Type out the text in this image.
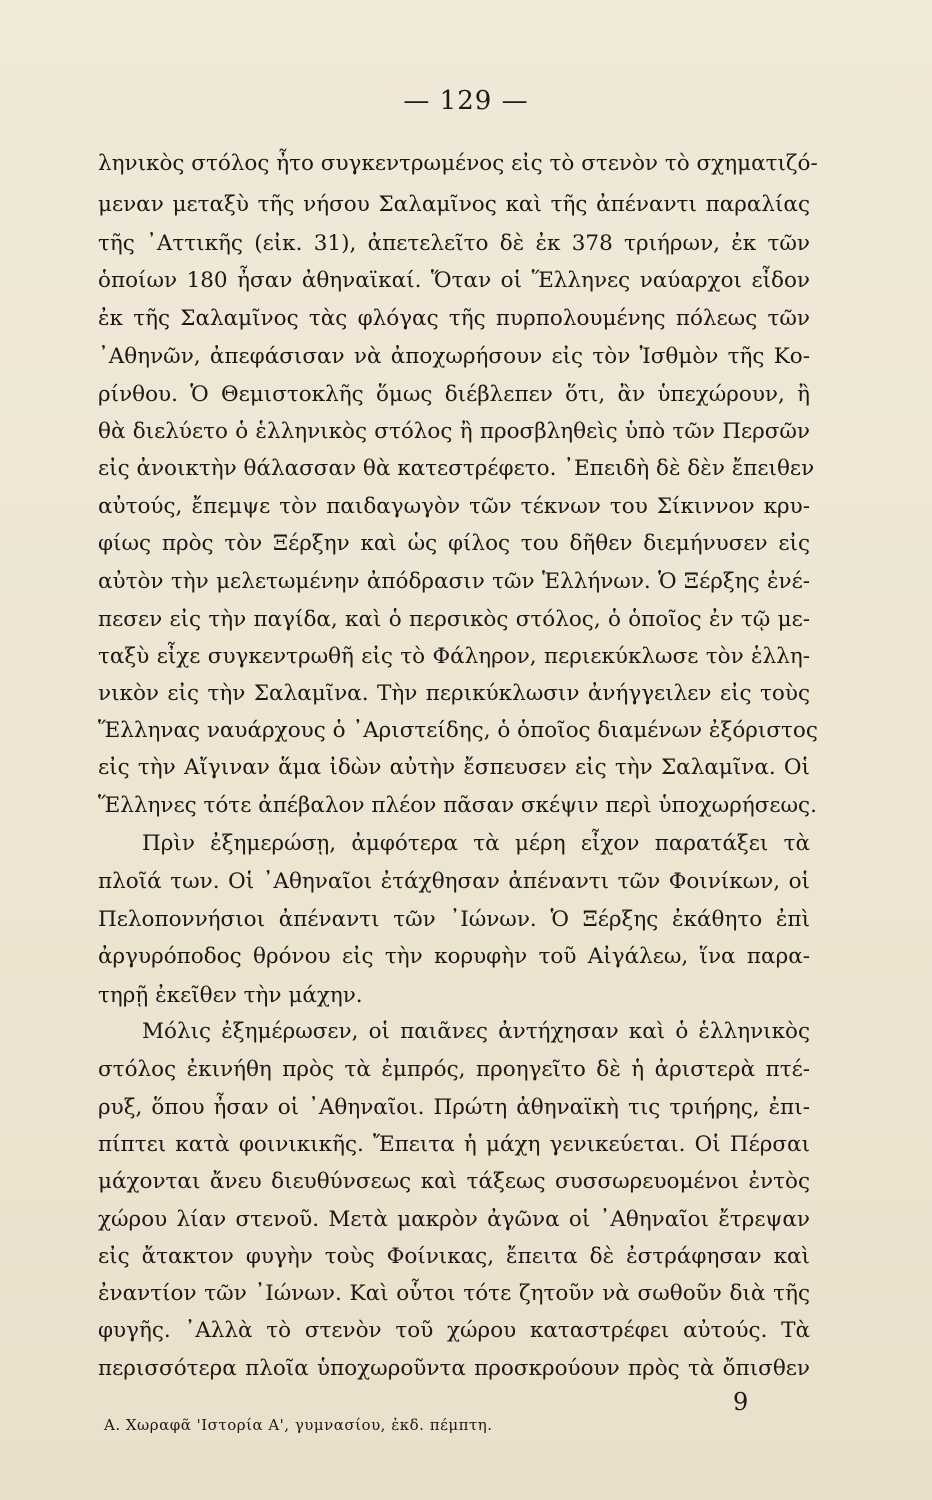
— 129 —
ληνικὸς στόλος ἦτο συγκεντρωμένος εἰς τὸ στενὸν τὸ σχηματιζό-
μεναν μεταξὺ τῆς νήσου Σαλαμῖνος καὶ τῆς ἀπέναντι παραλίας
τῆς ᾿Αττικῆς (εἰκ. 31), ἀπετελεῖτο δὲ ἐκ 378 τριήρων, ἐκ τῶν
ὁποίων 180 ἦσαν ἀθηναϊκαί. Ὅταν οἱ Ἕλληνες ναύαρχοι εἶδον
ἐκ τῆς Σαλαμῖνος τὰς φλόγας τῆς πυρπολουμένης πόλεως τῶν
᾿Αθηνῶν, ἀπεφάσισαν νὰ ἀποχωρήσουν εἰς τὸν Ἰσθμὸν τῆς Κο-
ρίνθου. Ὁ Θεμιστοκλῆς ὅμως διέβλεπεν ὅτι, ἂν ὑπεχώρουν, ἢ
θὰ διελύετο ὁ ἑλληνικὸς στόλος ἢ προσβληθεὶς ὑπὸ τῶν Περσῶν
εἰς ἀνοικτὴν θάλασσαν θὰ κατεστρέφετο. ᾿Επειδὴ δὲ δὲν ἔπειθεν
αὐτούς, ἔπεμψε τὸν παιδαγωγὸν τῶν τέκνων του Σίκιννον κρυ-
φίως πρὸς τὸν Ξέρξην καὶ ὡς φίλος του δῆθεν διεμήνυσεν εἰς
αὐτὸν τὴν μελετωμένην ἀπόδρασιν τῶν Ἑλλήνων. Ὁ Ξέρξης ἐνέ-
πεσεν εἰς τὴν παγίδα, καὶ ὁ περσικὸς στόλος, ὁ ὁποῖος ἐν τῷ με-
ταξὺ εἶχε συγκεντρωθῆ εἰς τὸ Φάληρον, περιεκύκλωσε τὸν ἑλλη-
νικὸν εἰς τὴν Σαλαμῖνα. Τὴν περικύκλωσιν ἀνήγγειλεν εἰς τοὺς
Ἕλληνας ναυάρχους ὁ ᾿Αριστείδης, ὁ ὁποῖος διαμένων ἐξόριστος
εἰς τὴν Αἴγιναν ἅμα ἰδὼν αὐτὴν ἔσπευσεν εἰς τὴν Σαλαμῖνα. Οἱ
Ἕλληνες τότε ἀπέβαλον πλέον πᾶσαν σκέψιν περὶ ὑποχωρήσεως.
Πρὶν ἐξημερώσῃ, ἀμφότερα τὰ μέρη εἶχον παρατάξει τὰ
πλοῖά των. Οἱ ᾿Αθηναῖοι ἐτάχθησαν ἀπέναντι τῶν Φοινίκων, οἱ
Πελοποννήσιοι ἀπέναντι τῶν ᾿Ιώνων. Ὁ Ξέρξης ἐκάθητο ἐπὶ
ἀργυρόποδος θρόνου εἰς τὴν κορυφὴν τοῦ Αἰγάλεω, ἵνα παρα-
τηρῇ ἐκεῖθεν τὴν μάχην.
Μόλις ἐξημέρωσεν, οἱ παιᾶνες ἀντήχησαν καὶ ὁ ἑλληνικὸς
στόλος ἐκινήθη πρὸς τὰ ἐμπρός, προηγεῖτο δὲ ἡ ἀριστερὰ πτέ-
ρυξ, ὅπου ἦσαν οἱ ᾿Αθηναῖοι. Πρώτη ἀθηναϊκὴ τις τριήρης, ἐπι-
πίπτει κατὰ φοινικικῆς. Ἔπειτα ἡ μάχη γενικεύεται. Οἱ Πέρσαι
μάχονται ἄνευ διευθύνσεως καὶ τάξεως συσσωρευομένοι ἐντὸς
χώρου λίαν στενοῦ. Μετὰ μακρὸν ἀγῶνα οἱ ᾿Αθηναῖοι ἔτρεψαν
εἰς ἄτακτον φυγὴν τοὺς Φοίνικας, ἔπειτα δὲ ἐστράφησαν καὶ
ἐναντίον τῶν ᾿Ιώνων. Καὶ οὗτοι τότε ζητοῦν νὰ σωθοῦν διὰ τῆς
φυγῆς. ᾿Αλλὰ τὸ στενὸν τοῦ χώρου καταστρέφει αὐτούς. Τὰ
περισσότερα πλοῖα ὑποχωροῦντα προσκρούουν πρὸς τὰ ὄπισθεν
9
Α. Χωραφᾶ 'Ιστορία Α', γυμνασίου, ἐκδ. πέμπτη.
